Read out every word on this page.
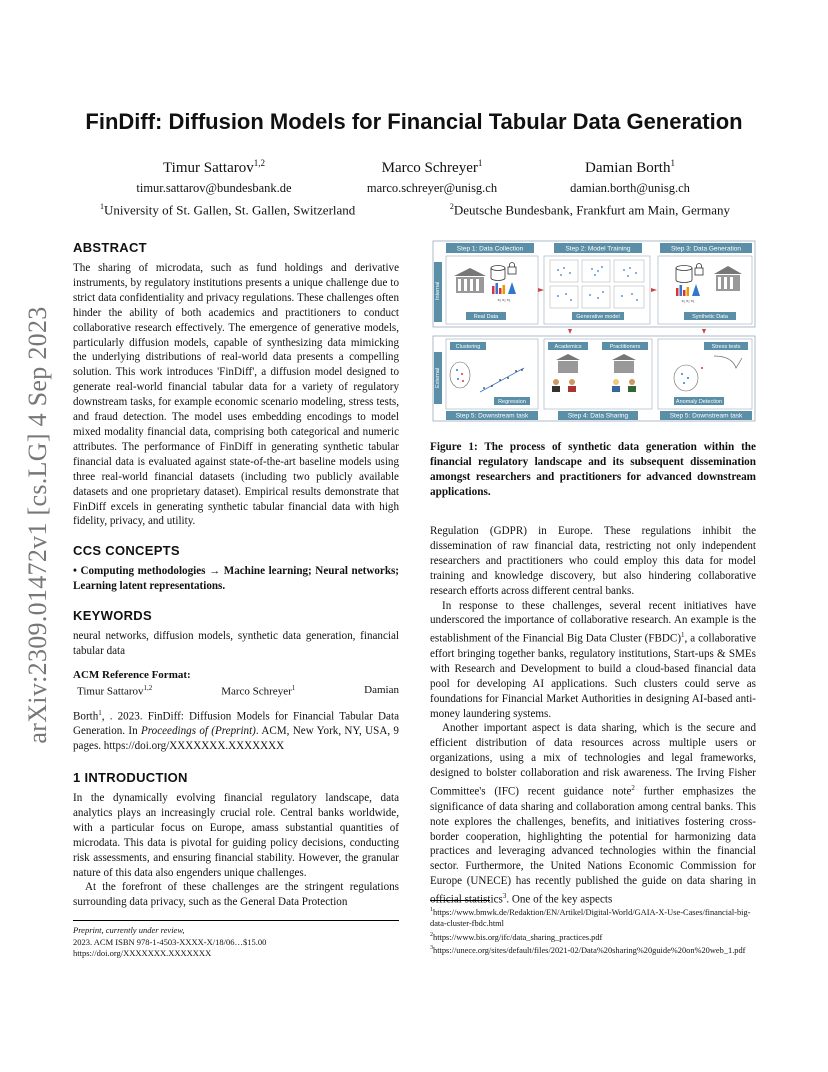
arXiv:2309.01472v1 [cs.LG] 4 Sep 2023
FinDiff: Diffusion Models for Financial Tabular Data Generation
Timur Sattarov$^{1,2}$
timur.sattarov@bundesbank.de
Marco Schreyer$^1$
marco.schreyer@unisg.ch
Damian Borth$^1$
damian.borth@unisg.ch
$^1$University of St. Gallen, St. Gallen, Switzerland	$^2$Deutsche Bundesbank, Frankfurt am Main, Germany
ABSTRACT
The sharing of microdata, such as fund holdings and derivative instruments, by regulatory institutions presents a unique challenge due to strict data confidentiality and privacy regulations. These challenges often hinder the ability of both academics and practitioners to conduct collaborative research effectively. The emergence of generative models, particularly diffusion models, capable of synthesizing data mimicking the underlying distributions of real-world data presents a compelling solution. This work introduces 'FinDiff', a diffusion model designed to generate real-world financial tabular data for a variety of regulatory downstream tasks, for example economic scenario modeling, stress tests, and fraud detection. The model uses embedding encodings to model mixed modality financial data, comprising both categorical and numeric attributes. The performance of FinDiff in generating synthetic tabular financial data is evaluated against state-of-the-art baseline models using three real-world financial datasets (including two publicly available datasets and one proprietary dataset). Empirical results demonstrate that FinDiff excels in generating synthetic tabular financial data with high fidelity, privacy, and utility.
CCS CONCEPTS
• Computing methodologies → Machine learning; Neural networks; Learning latent representations.
KEYWORDS
neural networks, diffusion models, synthetic data generation, financial tabular data
ACM Reference Format:
Timur Sattarov$^{1,2}$	Marco Schreyer$^1$	Damian
Borth$^1$, . 2023. FinDiff: Diffusion Models for Financial Tabular Data Generation. In Proceedings of (Preprint). ACM, New York, NY, USA, 9 pages. https://doi.org/XXXXXXX.XXXXXXX
1 INTRODUCTION
In the dynamically evolving financial regulatory landscape, data analytics plays an increasingly crucial role. Central banks worldwide, with a particular focus on Europe, amass substantial quantities of microdata. This data is pivotal for guiding policy decisions, conducting risk assessments, and ensuring financial stability. However, the granular nature of this data also engenders unique challenges.
At the forefront of these challenges are the stringent regulations surrounding data privacy, such as the General Data Protection
Preprint, currently under review,
2023. ACM ISBN 978-1-4503-XXXX-X/18/06…$15.00
https://doi.org/XXXXXXX.XXXXXXX
Internal
Step 1: Data Collection	Step 2: Model Training	Step 3: Data Generation
x₁ x₂ x₃
Real Data	Generative model
x₁ x₂ x₃
Synthetic Data
External
Clustering
Regression
Academics	Practitioners
Step 4: Data Sharing
Stress tests
Anomaly Detection
Step 5: Downstream task	Step 5: Downstream task
Figure 1: The process of synthetic data generation within the financial regulatory landscape and its subsequent dissemination amongst researchers and practitioners for advanced downstream applications.
Regulation (GDPR) in Europe. These regulations inhibit the dissemination of raw financial data, restricting not only independent researchers and practitioners who could employ this data for model training and knowledge discovery, but also hindering collaborative research efforts across different central banks.
In response to these challenges, several recent initiatives have underscored the importance of collaborative research. An example is the establishment of the Financial Big Data Cluster (FBDC)$^1$, a collaborative effort bringing together banks, regulatory institutions, Start-ups & SMEs with Research and Development to build a cloud-based financial data pool for developing AI applications. Such clusters could serve as foundations for Financial Market Authorities in designing AI-based anti-money laundering systems.
Another important aspect is data sharing, which is the secure and efficient distribution of data resources across multiple users or organizations, using a mix of technologies and legal frameworks, designed to bolster collaboration and risk awareness. The Irving Fisher Committee's (IFC) recent guidance note$^2$ further emphasizes the significance of data sharing and collaboration among central banks. This note explores the challenges, benefits, and initiatives fostering cross-border cooperation, highlighting the potential for harmonizing data practices and leveraging advanced technologies within the financial sector. Furthermore, the United Nations Economic Commission for Europe (UNECE) has recently published the guide on data sharing in official statistics$^3$. One of the key aspects
$^1$https://www.bmwk.de/Redaktion/EN/Artikel/Digital-World/GAIA-X-Use-Cases/financial-big-data-cluster-fbdc.html
$^2$https://www.bis.org/ifc/data_sharing_practices.pdf
$^3$https://unece.org/sites/default/files/2021-02/Data%20sharing%20guide%20on%20web_1.pdf
